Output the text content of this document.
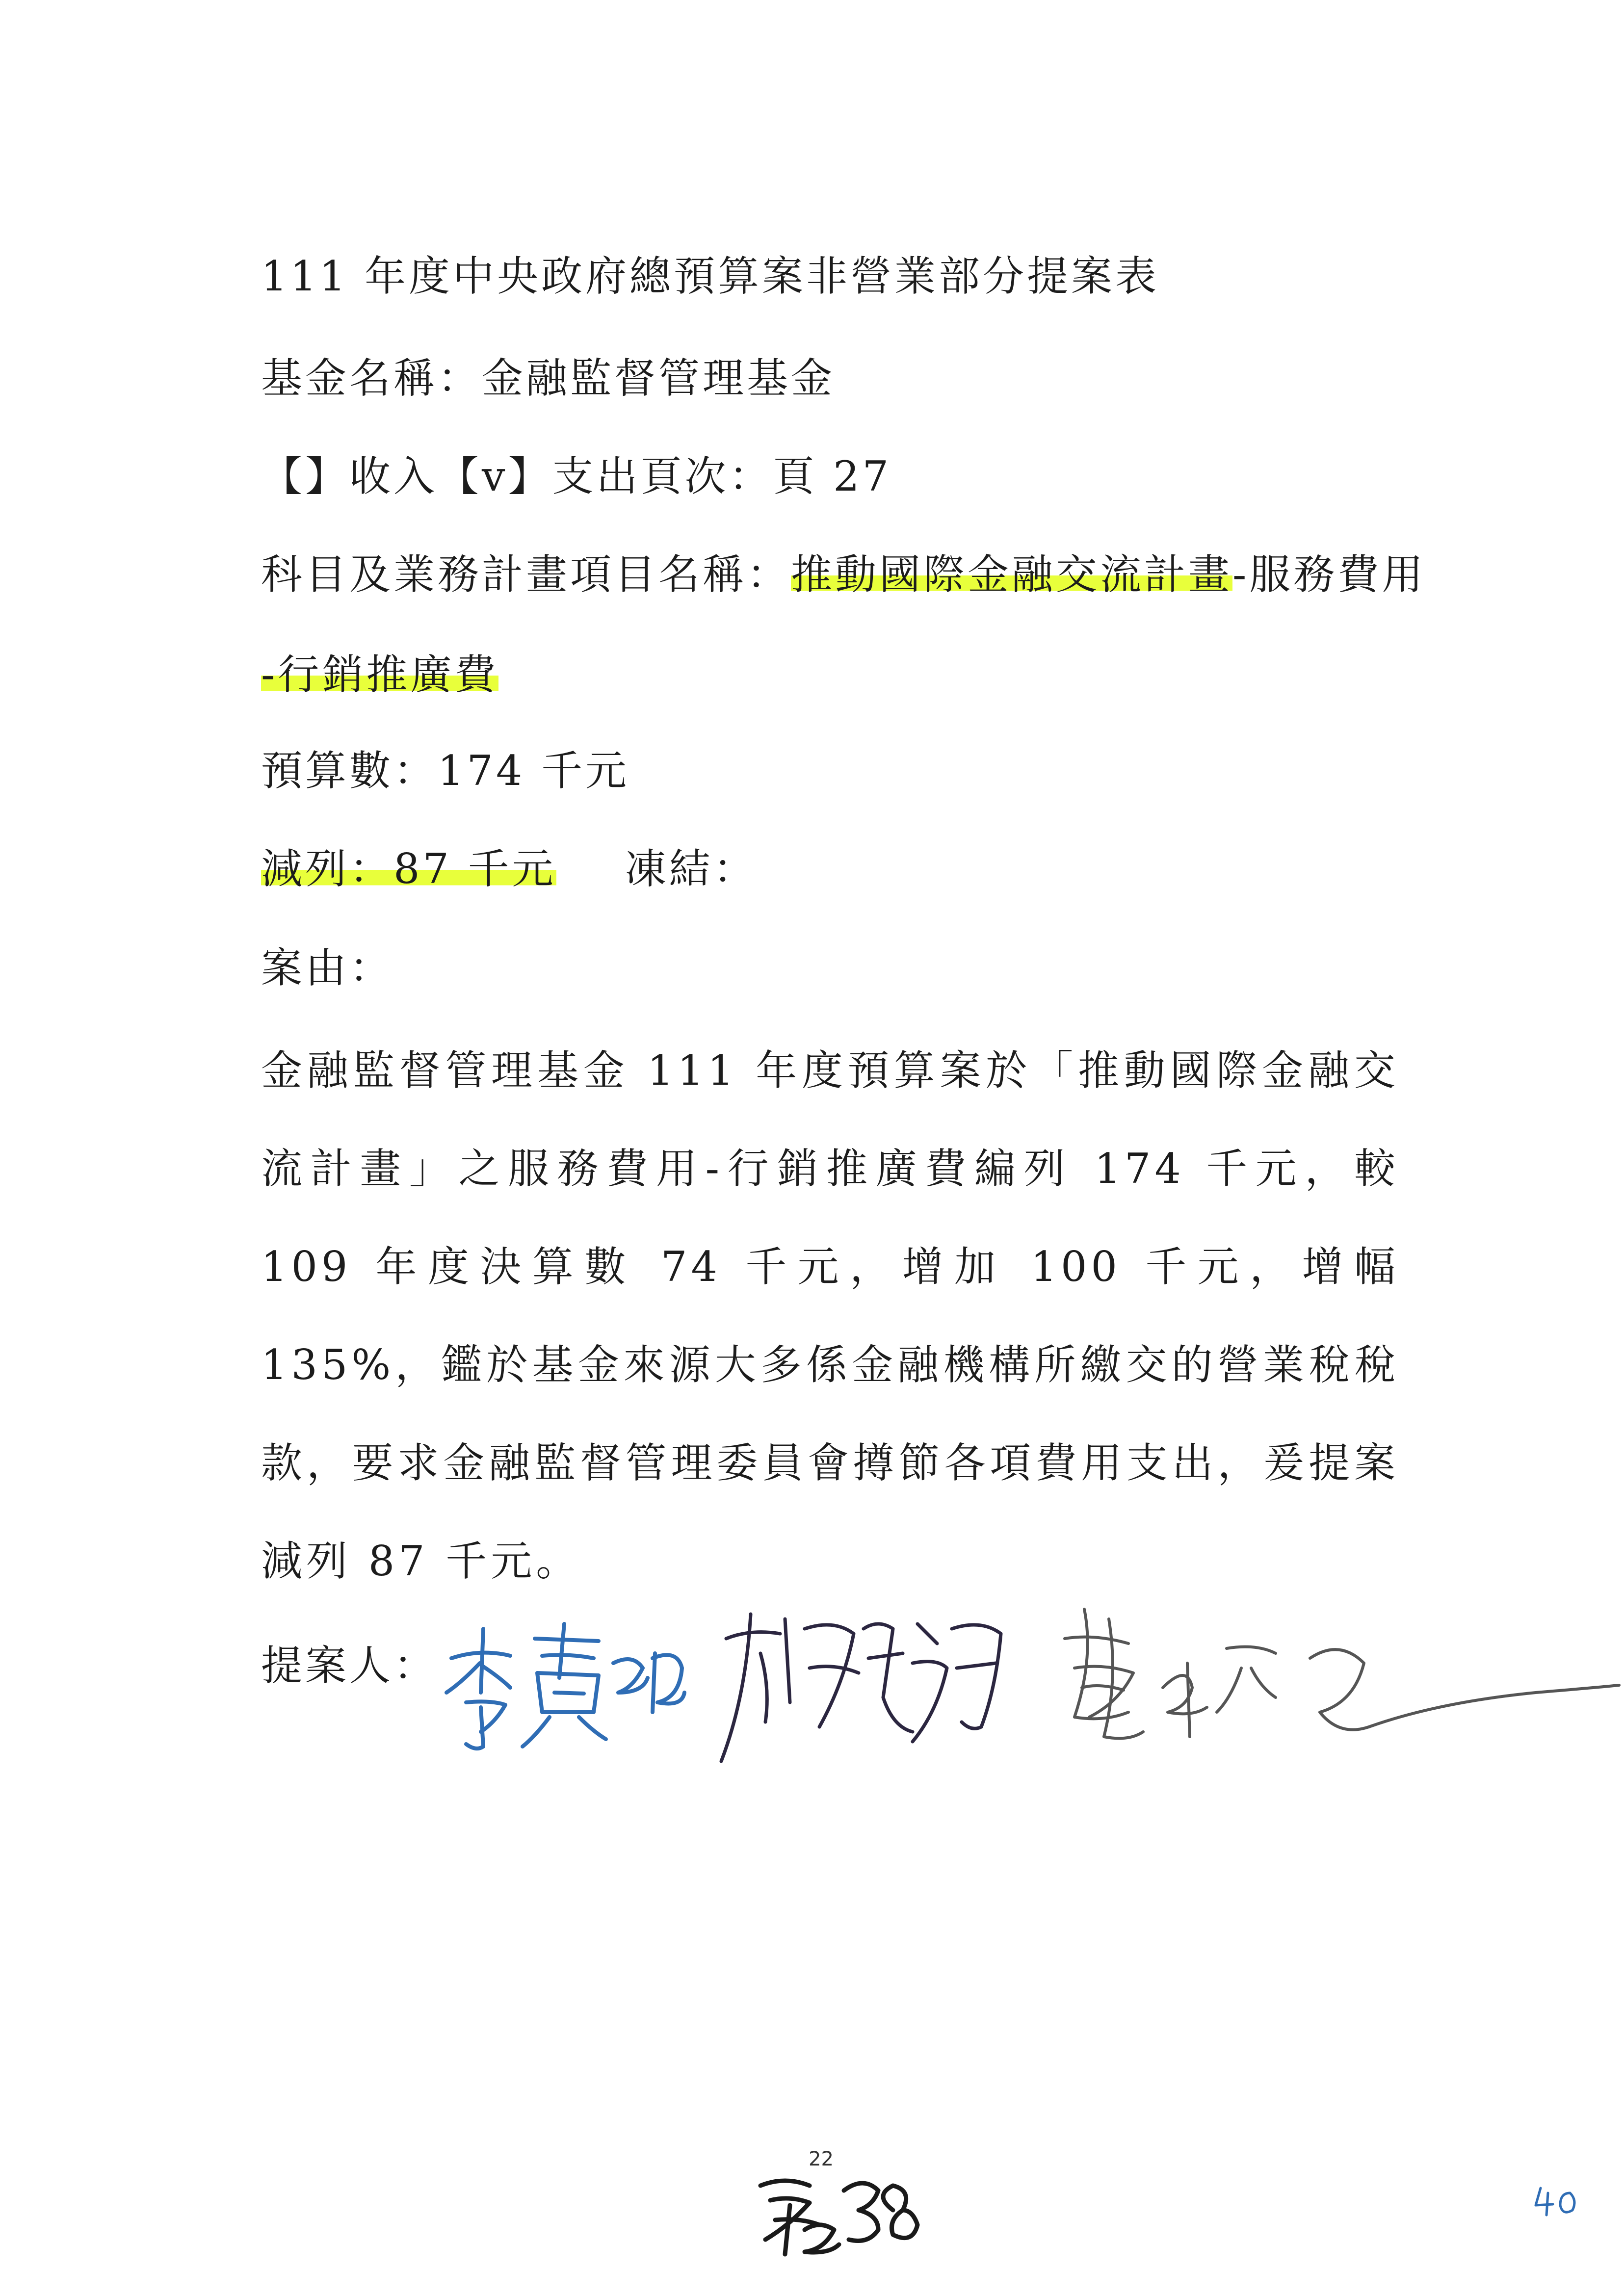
111 年度中央政府總預算案非營業部分提案表
基金名稱：金融監督管理基金
【】收入【v】支出頁次：頁 27
科目及業務計畫項目名稱：推動國際金融交流計畫-服務費用
-行銷推廣費
預算數：174 千元
減列：87 千元 凍結：
案由：
金融監督管理基金 111 年度預算案於「推動國際金融交流計畫」之服務費用-行銷推廣費編列 174 千元，較 109 年度決算數 74 千元，增加 100 千元，增幅 135%，鑑於基金來源大多係金融機構所繳交的營業稅稅款，要求金融監督管理委員會撙節各項費用支出，爰提案減列 87 千元。
提案人：
22
